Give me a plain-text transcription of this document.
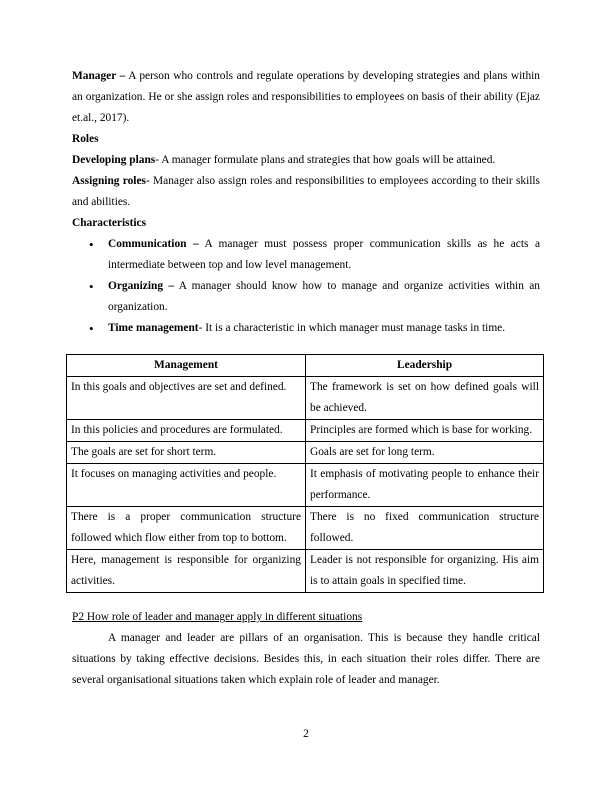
Manager – A person who controls and regulate operations by developing strategies and plans within an organization. He or she assign roles and responsibilities to employees on basis of their ability (Ejaz et.al., 2017).

Roles

Developing plans- A manager formulate plans and strategies that how goals will be attained.

Assigning roles- Manager also assign roles and responsibilities to employees according to their skills and abilities.

Characteristics

• Communication – A manager must possess proper communication skills as he acts a intermediate between top and low level management.
• Organizing – A manager should know how to manage and organize activities within an organization.
• Time management- It is a characteristic in which manager must manage tasks in time.
Management	Leadership
In this goals and objectives are set and defined.	The framework is set on how defined goals will be achieved.
In this policies and procedures are formulated.	Principles are formed which is base for working.
The goals are set for short term.	Goals are set for long term.
It focuses on managing activities and people.	It emphasis of motivating people to enhance their performance.
There is a proper communication structure followed which flow either from top to bottom.	There is no fixed communication structure followed.
Here, management is responsible for organizing activities.	Leader is not responsible for organizing. His aim is to attain goals in specified time.

P2 How role of leader and manager apply in different situations

A manager and leader are pillars of an organisation. This is because they handle critical situations by taking effective decisions. Besides this, in each situation their roles differ. There are several organisational situations taken which explain role of leader and manager.

2
